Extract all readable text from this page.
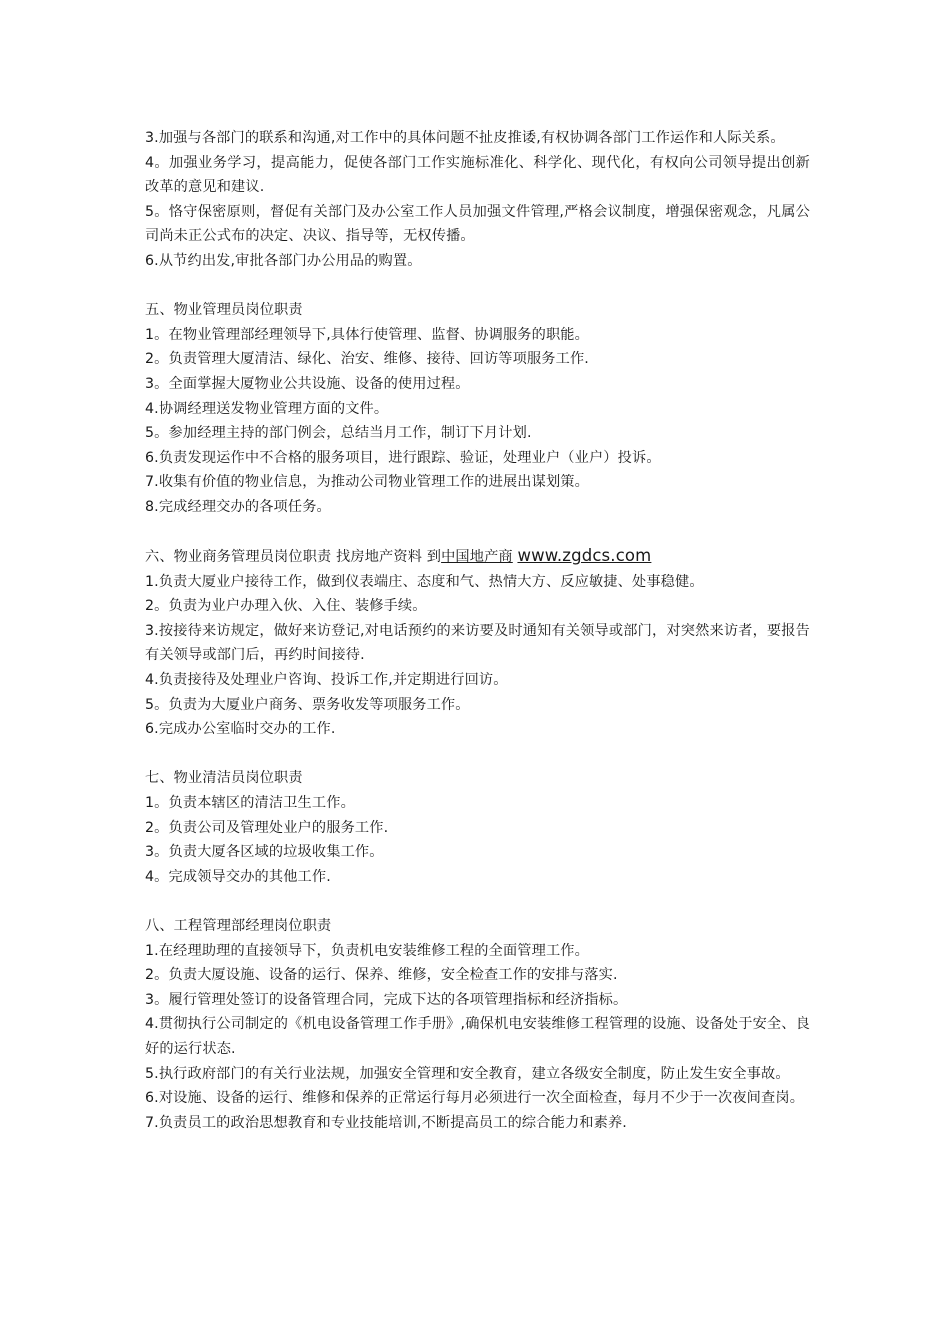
3.加强与各部门的联系和沟通,对工作中的具体问题不扯皮推诿,有权协调各部门工作运作和人际关系。
4。加强业务学习，提高能力，促使各部门工作实施标准化、科学化、现代化，有权向公司领导提出创新改革的意见和建议.
5。恪守保密原则，督促有关部门及办公室工作人员加强文件管理,严格会议制度，增强保密观念，凡属公司尚未正公式布的决定、决议、指导等，无权传播。
6.从节约出发,审批各部门办公用品的购置。
五、物业管理员岗位职责
1。在物业管理部经理领导下,具体行使管理、监督、协调服务的职能。
2。负责管理大厦清洁、绿化、治安、维修、接待、回访等项服务工作.
3。全面掌握大厦物业公共设施、设备的使用过程。
4.协调经理送发物业管理方面的文件。
5。参加经理主持的部门例会，总结当月工作，制订下月计划.
6.负责发现运作中不合格的服务项目，进行跟踪、验证，处理业户（业户）投诉。
7.收集有价值的物业信息，为推动公司物业管理工作的进展出谋划策。
8.完成经理交办的各项任务。
六、物业商务管理员岗位职责 找房地产资料 到中国地产商 www.zgdcs.com
1.负责大厦业户接待工作，做到仪表端庄、态度和气、热情大方、反应敏捷、处事稳健。
2。负责为业户办理入伙、入住、装修手续。
3.按接待来访规定，做好来访登记,对电话预约的来访要及时通知有关领导或部门，对突然来访者，要报告有关领导或部门后，再约时间接待.
4.负责接待及处理业户咨询、投诉工作,并定期进行回访。
5。负责为大厦业户商务、票务收发等项服务工作。
6.完成办公室临时交办的工作.
七、物业清洁员岗位职责
1。负责本辖区的清洁卫生工作。
2。负责公司及管理处业户的服务工作.
3。负责大厦各区域的垃圾收集工作。
4。完成领导交办的其他工作.
八、工程管理部经理岗位职责
1.在经理助理的直接领导下，负责机电安装维修工程的全面管理工作。
2。负责大厦设施、设备的运行、保养、维修，安全检查工作的安排与落实.
3。履行管理处签订的设备管理合同，完成下达的各项管理指标和经济指标。
4.贯彻执行公司制定的《机电设备管理工作手册》,确保机电安装维修工程管理的设施、设备处于安全、良好的运行状态.
5.执行政府部门的有关行业法规，加强安全管理和安全教育，建立各级安全制度，防止发生安全事故。
6.对设施、设备的运行、维修和保养的正常运行每月必须进行一次全面检查，每月不少于一次夜间查岗。
7.负责员工的政治思想教育和专业技能培训,不断提高员工的综合能力和素养.
